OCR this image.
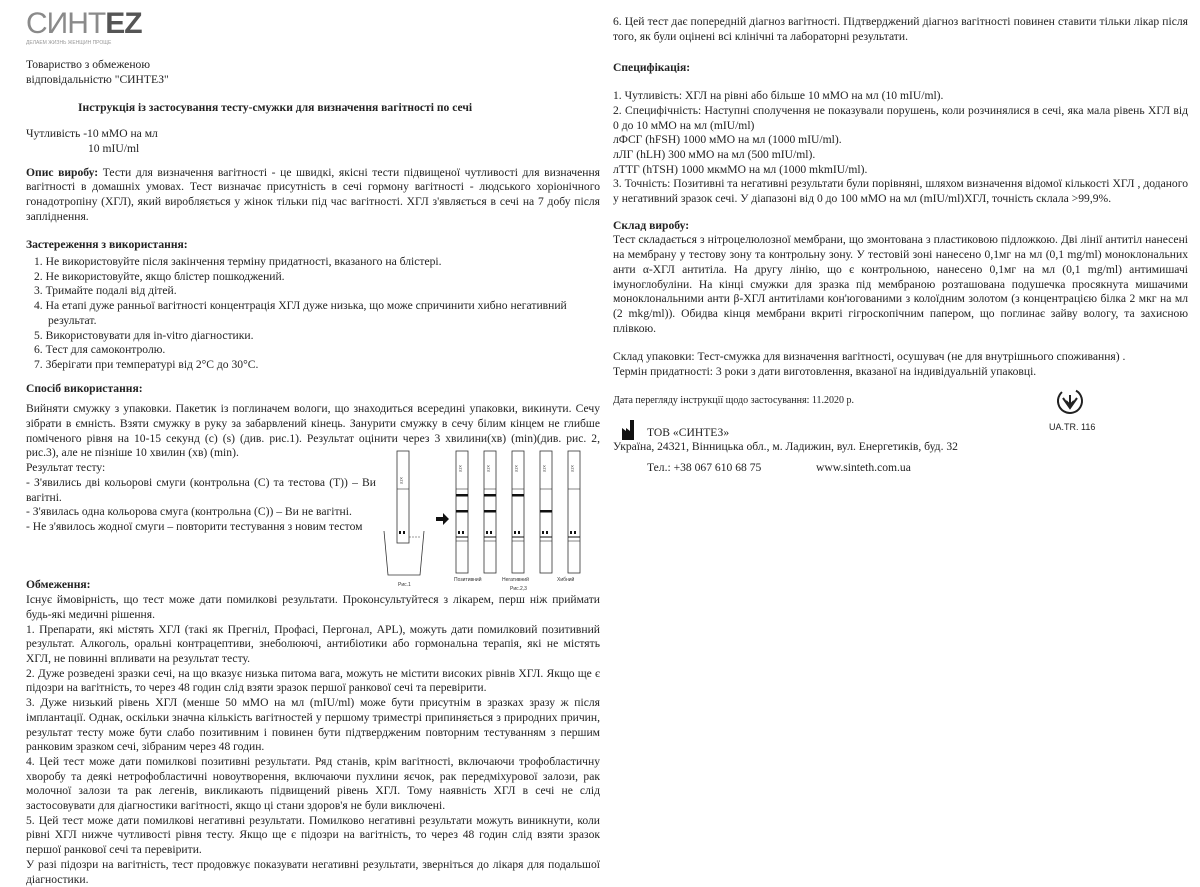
СИНТEZ
ДЕЛАЕМ ЖИЗНЬ ЖЕНЩИН ПРОЩЕ
Товариство з обмеженою
відповідальністю "СИНТЕЗ"
Інструкція із застосування тесту-смужки для визначення вагітності по сечі
Чутливість -10 мМО на мл
10 mIU/ml
Опис виробу: Тести для визначення вагітності - це швидкі, якісні тести підвищеної чутливості для визначення вагітності в домашніх умовах. Тест визначає присутність в сечі гормону вагітності - людського хоріонічного гонадотропіну (ХГЛ), який виробляється у жінок тільки під час вагітності. ХГЛ з'являється в сечі на 7 добу після запліднення.
Застереження з використання:
1. Не використовуйте після закінчення терміну придатності, вказаного на блістері.
2. Не використовуйте, якщо блістер пошкоджений.
3. Тримайте подалі від дітей.
4. На етапі дуже ранньої вагітності концентрація ХГЛ дуже низька, що може спричинити хибно негативний результат.
5. Використовувати для in-vitro діагностики.
6. Тест для самоконтролю.
7. Зберігати при температурі від 2°C до 30°C.
Спосіб використання:
Вийняти смужку з упаковки. Пакетик із поглиначем вологи, що знаходиться всередині упаковки, викинути. Сечу зібрати в ємність. Взяти смужку в руку за забарвлений кінець. Занурити смужку в сечу білим кінцем не глибше поміченого рівня на 10-15 секунд (с) (s) (див. рис.1). Результат оцінити через 3 хвилини(хв) (min)(див. рис. 2, рис.3), але не пізніше 10 хвилин (хв) (min).
Результат тесту:
- З'явились дві кольорові смуги (контрольна (С) та тестова (Т)) – Ви вагітні.
- З'явилась одна кольорова смуга (контрольна (С)) – Ви не вагітні.
- Не з'явилось жодної смуги – повторити тестування з новим тестом
Обмеження:
ХГЛ
Рис.1
ХГЛ	ХГЛ	ХГЛ	ХГЛ	ХГЛ
Позитивний	Негативний	Хибний
Рис.2,3
Існує ймовірність, що тест може дати помилкові результати. Проконсультуйтеся з лікарем, перш ніж приймати будь-які медичні рішення.
1. Препарати, які містять ХГЛ (такі як Прегніл, Профасі, Пергонал, APL), можуть дати помилковий позитивний результат. Алкоголь, оральні контрацептиви, знеболюючі, антибіотики або гормональна терапія, які не містять ХГЛ, не повинні впливати на результат тесту.
2. Дуже розведені зразки сечі, на що вказує низька питома вага, можуть не містити високих рівнів ХГЛ. Якщо ще є підозри на вагітність, то через 48 годин слід взяти зразок першої ранкової сечі та перевірити.
3. Дуже низький рівень ХГЛ (менше 50 мМО на мл (mIU/ml) може бути присутнім в зразках зразу ж після імплантації. Однак, оскільки значна кількість вагітностей у першому триместрі припиняється з природних причин, результат тесту може бути слабо позитивним і повинен бути підтвердженим повторним тестуванням з першим ранковим зразком сечі, зібраним через 48 годин.
4. Цей тест може дати помилкові позитивні результати. Ряд станів, крім вагітності, включаючи трофобластичну хворобу та деякі нетрофобластичні новоутворення, включаючи пухлини яєчок, рак передміхурової залози, рак молочної залози та рак легенів, викликають підвищений рівень ХГЛ. Тому наявність ХГЛ в сечі не слід застосовувати для діагностики вагітності, якщо ці стани здоров'я не були виключені.
5. Цей тест може дати помилкові негативні результати. Помилково негативні результати можуть виникнути, коли рівні ХГЛ нижче чутливості рівня тесту. Якщо ще є підозри на вагітність, то через 48 годин слід взяти зразок першої ранкової сечі та перевірити.
У разі підозри на вагітність, тест продовжує показувати негативні результати, зверніться до лікаря для подальшої діагностики.
6. Цей тест дає попередній діагноз вагітності. Підтверджений діагноз вагітності повинен ставити тільки лікар після того, як були оцінені всі клінічні та лабораторні результати.
Специфікація:
1. Чутливість: ХГЛ на рівні або більше 10 мМО на мл (10 mIU/ml).
2. Специфічність: Наступні сполучення не показували порушень, коли розчинялися в сечі, яка мала рівень ХГЛ від 0 до 10 мМО на мл (mIU/ml)
лФСГ (hFSH) 1000 мМО на мл (1000 mIU/ml).
лЛГ (hLH) 300 мМО на мл (500 mIU/ml).
лТТГ (hTSH) 1000 мкмМО на мл (1000 mkmIU/ml).
3. Точність: Позитивні та негативні результати були порівняні, шляхом визначення відомої кількості ХГЛ , доданого у негативний зразок сечі. У діапазоні від 0 до 100 мМО на мл (mIU/ml)ХГЛ, точність склала >99,9%.
Склад виробу:
Тест складається з нітроцелюлозної мембрани, що змонтована з пластиковою підложкою. Дві лінії антитіл нанесені на мембрану у тестову зону та контрольну зону. У тестовій зоні нанесено 0,1мг на мл (0,1 mg/ml) моноклональних анти α-ХГЛ антитіла. На другу лінію, що є контрольною, нанесено 0,1мг на мл (0,1 mg/ml) антимишачі імуноглобуліни. На кінці смужки для зразка під мембраною розташована подушечка просякнута мишачими моноклональними анти β-ХГЛ антитілами кон'югованими з колоїдним золотом (з концентрацією білка 2 мкг на мл (2 mkg/ml)). Обидва кінця мембрани вкриті гігроскопічним папером, що поглинає зайву вологу, та захисною плівкою.
Склад упаковки: Тест-смужка для визначення вагітності, осушувач (не для внутрішнього споживання) .
Термін придатності: 3 роки з дати виготовлення, вказаної на індивідуальній упаковці.
Дата перегляду інструкції щодо застосування: 11.2020 р.
ТОВ «СИНТЕЗ»
Україна, 24321, Вінницька обл., м. Ладижин, вул. Енергетиків, буд. 32
Тел.: +38 067 610 68 75	www.sinteth.com.ua
UA.TR. 116
